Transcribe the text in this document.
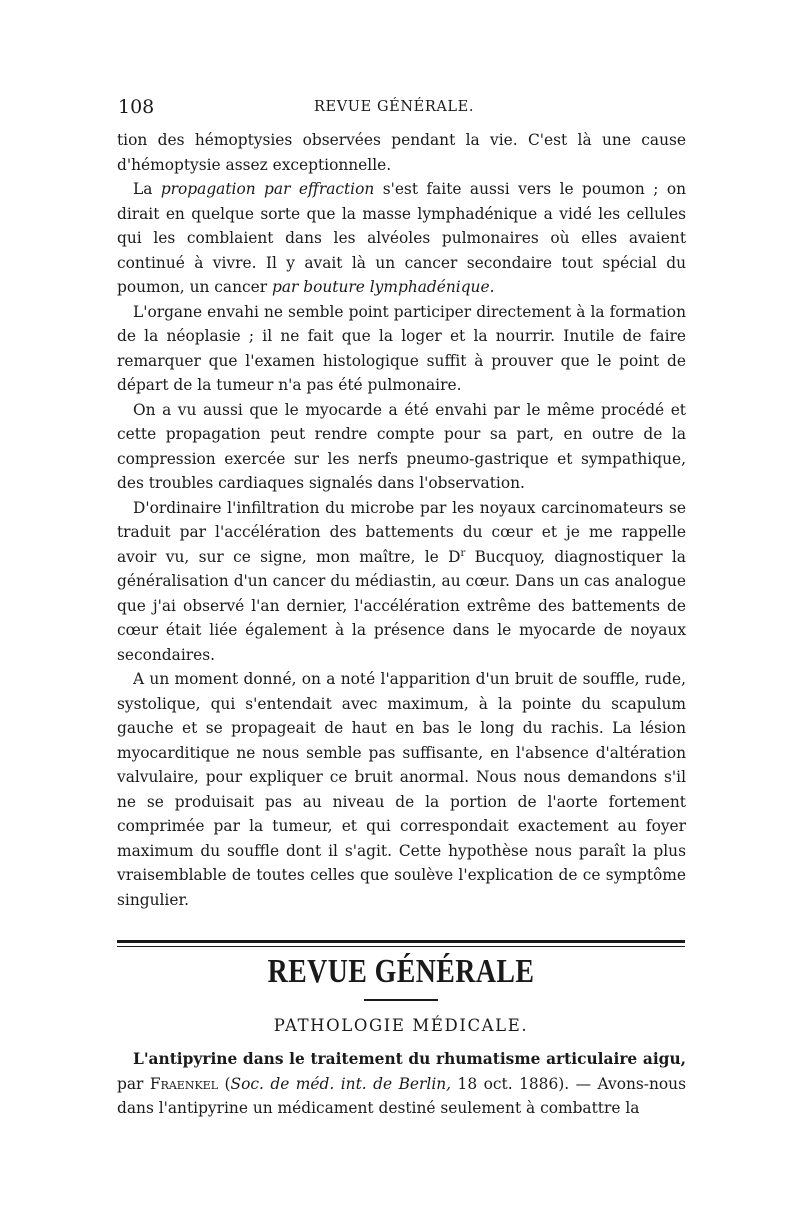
108	REVUE GÉNÉRALE.

tion des hémoptysies observées pendant la vie. C'est là une cause d'hémoptysie assez exceptionnelle.

La propagation par effraction s'est faite aussi vers le poumon ; on dirait en quelque sorte que la masse lymphadénique a vidé les cellules qui les comblaient dans les alvéoles pulmonaires où elles avaient continué à vivre. Il y avait là un cancer secondaire tout spécial du poumon, un cancer par bouture lymphadénique.

L'organe envahi ne semble point participer directement à la formation de la néoplasie ; il ne fait que la loger et la nourrir. Inutile de faire remarquer que l'examen histologique suffit à prouver que le point de départ de la tumeur n'a pas été pulmonaire.

On a vu aussi que le myocarde a été envahi par le même procédé et cette propagation peut rendre compte pour sa part, en outre de la compression exercée sur les nerfs pneumo-gastrique et sympathique, des troubles cardiaques signalés dans l'observation.

D'ordinaire l'infiltration du microbe par les noyaux carcinomateurs se traduit par l'accélération des battements du cœur et je me rappelle avoir vu, sur ce signe, mon maître, le $D^r$ Bucquoy, diagnostiquer la généralisation d'un cancer du médiastin, au cœur. Dans un cas analogue que j'ai observé l'an dernier, l'accélération extrême des battements de cœur était liée également à la présence dans le myocarde de noyaux secondaires.

A un moment donné, on a noté l'apparition d'un bruit de souffle, rude, systolique, qui s'entendait avec maximum, à la pointe du scapulum gauche et se propageait de haut en bas le long du rachis. La lésion myocarditique ne nous semble pas suffisante, en l'absence d'altération valvulaire, pour expliquer ce bruit anormal. Nous nous demandons s'il ne se produisait pas au niveau de la portion de l'aorte fortement comprimée par la tumeur, et qui correspondait exactement au foyer maximum du souffle dont il s'agit. Cette hypothèse nous paraît la plus vraisemblable de toutes celles que soulève l'explication de ce symptôme singulier.

REVUE GÉNÉRALE
PATHOLOGIE MÉDICALE.

L'antipyrine dans le traitement du rhumatisme articulaire aigu, par Fraenkel (Soc. de méd. int. de Berlin, 18 oct. 1886). — Avons-nous dans l'antipyrine un médicament destiné seulement à combattre la
